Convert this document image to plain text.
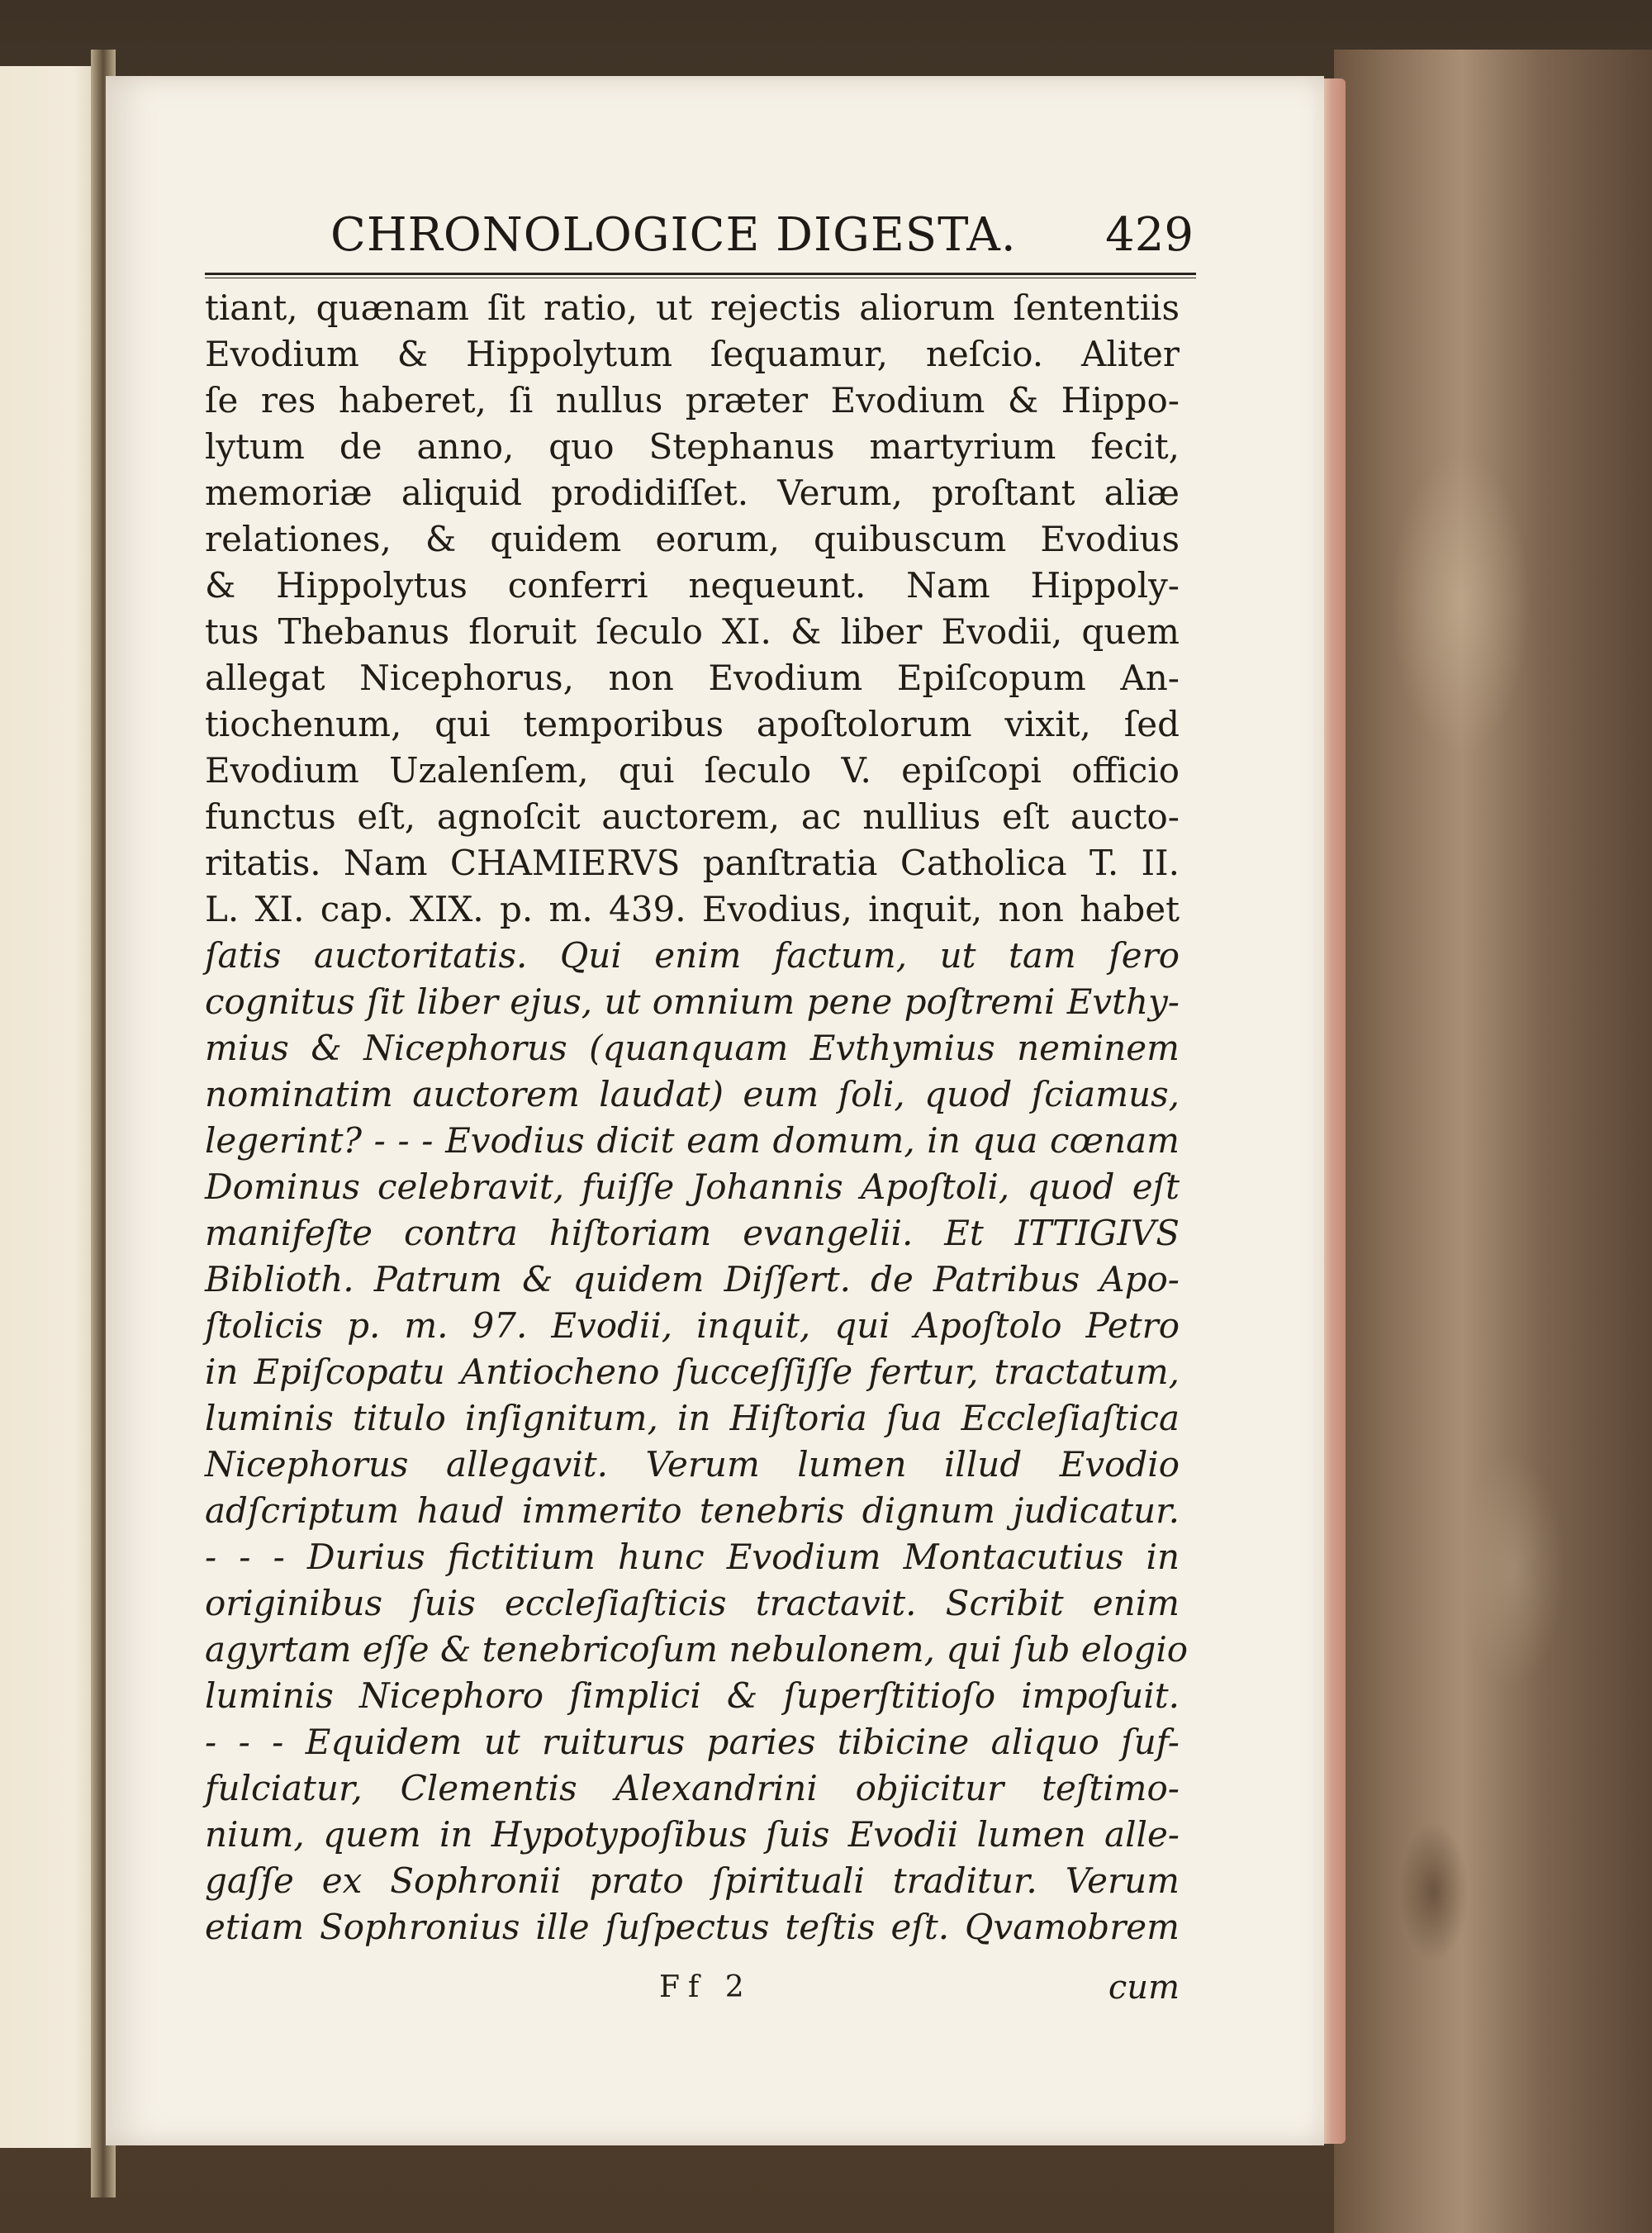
CHRONOLOGICE DIGESTA. 429
tiant, quænam ſit ratio, ut rejectis aliorum ſententiis
Evodium & Hippolytum ſequamur, neſcio. Aliter
ſe res haberet, ſi nullus præter Evodium & Hippo-
lytum de anno, quo Stephanus martyrium fecit,
memoriæ aliquid prodidiſſet. Verum, proſtant aliæ
relationes, & quidem eorum, quibuscum Evodius
& Hippolytus conferri nequeunt. Nam Hippoly-
tus Thebanus floruit ſeculo XI. & liber Evodii, quem
allegat Nicephorus, non Evodium Epiſcopum An-
tiochenum, qui temporibus apoſtolorum vixit, ſed
Evodium Uzalenſem, qui ſeculo V. epiſcopi officio
functus eſt, agnoſcit auctorem, ac nullius eſt aucto-
ritatis. Nam CHAMIERVS panſtratia Catholica T. II.
L. XI. cap. XIX. p. m. 439. Evodius, inquit, non habet
ſatis auctoritatis. Qui enim factum, ut tam ſero
cognitus ſit liber ejus, ut omnium pene poſtremi Evthy-
mius & Nicephorus (quanquam Evthymius neminem
nominatim auctorem laudat) eum ſoli, quod ſciamus,
legerint? - - - Evodius dicit eam domum, in qua cœnam
Dominus celebravit, fuiſſe Johannis Apoſtoli, quod eſt
manifeſte contra hiſtoriam evangelii. Et ITTIGIVS
Biblioth. Patrum & quidem Diſſert. de Patribus Apo-
ſtolicis p. m. 97. Evodii, inquit, qui Apoſtolo Petro
in Epiſcopatu Antiocheno ſucceſſiſſe fertur, tractatum,
luminis titulo inſignitum, in Hiſtoria ſua Eccleſiaſtica
Nicephorus allegavit. Verum lumen illud Evodio
adſcriptum haud immerito tenebris dignum judicatur.
- - - Durius fictitium hunc Evodium Montacutius in
originibus ſuis eccleſiaſticis tractavit. Scribit enim
agyrtam eſſe & tenebricoſum nebulonem, qui ſub elogio
luminis Nicephoro ſimplici & ſuperſtitioſo impoſuit.
- - - Equidem ut ruiturus paries tibicine aliquo ſuf-
fulciatur, Clementis Alexandrini objicitur teſtimo-
nium, quem in Hypotypoſibus ſuis Evodii lumen alle-
gaſſe ex Sophronii prato ſpirituali traditur. Verum
etiam Sophronius ille ſuſpectus teſtis eſt. Qvamobrem
Ff 2	cum
